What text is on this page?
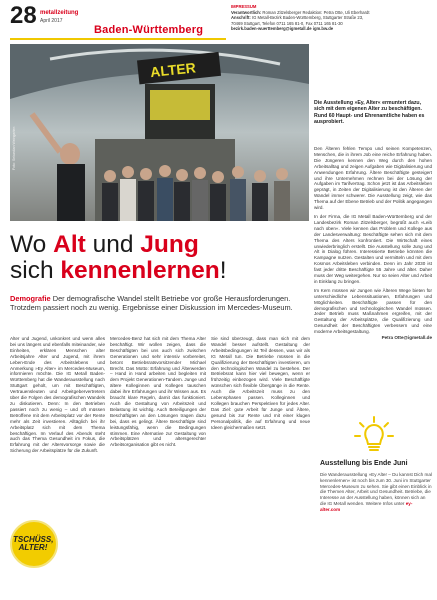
28 metallzeitung
April 2017
Baden-Württemberg
IMPRESSUM
Verantwortlich: Roman Zitzelsberger Redaktion: Petra Otte, Uli Eberhardt
Anschrift: IG Metall-Bezirk Baden-Württemberg, Stuttgarter Straße 23,
70469 Stuttgart, Telefon 0711 165 81-0, Fax 0711 165 81-30
bezirk.baden-wuerttemberg@igmetall.de igm.bw.de
ALTER
Foto: Sebastian Weingarten
Die Ausstellung »Ey, Alter« ermuntert dazu, sich mit dem eigenen Alter zu beschäftigen. Rund 60 Haupt- und Ehrenamtliche haben es ausprobiert.
Den Älteren fehlen Tempo und seinen Kompetenzen, Menschen, die in ihrem Job eine reiche Erfahrung haben. Die Jüngeren kennen den Weg durch den hohen Arbeitsalltag und zeigen Aufgaben wie Digitalisierung und Anwendungen Erfahrung. Ältere Beschäftigte gesteigert und ihre Unternehmen rechnen bei der Lösung der Aufgaben im Tarifvertrag. Schon jetzt ist das Arbeitsleben geprägt, in Zeiten der Digitalisierung ist den Älteren der Wandel immer schwerer. Die Ausstellung zeigt, wie das Thema auf der Ebene Betrieb und der Politik angegangen wird.
In der Firma, die IG Metall Baden-Württemberg und der Landesbezirk Roman Zitzelsberger, begrüßt auch »Leib nach oben«. Viele kennen das Problem und Kollege aus der Landesverwaltung: Beschäftigte sehen sich mit dem Thema des Alters konfrontiert. Die Wirtschaft eines unwiederbringlich erstellt. Die Ausstellung solle Jung und Alt in Dialog führen. Interessierte Betriebe könnten die Kampagne nutzen. Gestalten und vermitteln und mit dem Kosmos Arbeitsleben verbinden. Denn im Jahr 2030 ist fast jeder dritte Beschäftigte 55 Jahre und älter. Daher muss der Weg weitergehen. Nur so seien Alter und Arbeit in Einklang zu bringen.
Im Kern müssen wir Jungen wie Älteren Wege bieten für unterschiedliche Lebenssituationen, Erfahrungen und Möglichkeiten. Beschäftigte passen für den demografischen und technologischen Wandel müssen. Jeder Betrieb muss Maßnahmen ergreifen, mit der Gestaltung der Arbeitsplätze, die Qualifizierung und Gesundheit der Beschäftigten verbessern und eine moderne Arbeitsgestaltung.
Petra Otte@igmetall.de
Wo Alt und Jung
sich kennenlernen!
Demografie Der demografische Wandel stellt Betriebe vor große Herausforderungen. Trotzdem passiert noch zu wenig. Ergebnisse einer Diskussion im Mercedes-Museum.
Alter und Jugend, unkonkret und wenn alles bei uns längers und ebenfalls miteinander, wie Einheiten, erklären Menschen alter Arbeitsjahre Alter und Jugend, mit ihrem Leben-Ende des Arbeitslebens und Anmerkung »Ey Alter« im Mercedes-Museum, informieren möchte. Die IG Metall Baden-Württemberg hat die Wanderausstellung nach Stuttgart geholt, um mit Beschäftigten, Vertrauensleuten und Arbeitgebervertretern über die Folgen des demografischen Wandels zu diskutieren. Denn: In den Betrieben passiert noch zu wenig – und oft müssen Betroffene mit dem Arbeitsplatz vor der Rente mehr als Zeit investieren. Alltäglich bei ihr Arbeitsplatz sich mit dem Thema beschäftigen. Im Verlauf des Abends steht auch das Thema Gesundheit im Fokus, die Erfahrung mit der Altersvorsorge sowie die Sicherung der Arbeitsplätze für die Zukunft.
Mercedes-Benz hat sich mit dem Thema Alter beschäftigt. Wir wollen zeigen, dass die Beschäftigten bei uns auch sich zwischen Generationen und sehr intensiv vorbereitet, betont Betriebsratsvorsitzender Michael Brecht. Das Motto: Erfahrung und Älterwerden – Hand in Hand arbeiten und begleiten mit dem Projekt Generationen-Tandem. Junge und ältere Kolleginnen und Kollegen tauschen dabei ihre Erfahrungen und ihr Wissen aus. Es braucht klare Regeln, damit das funktioniert. Auch die Gestaltung von Arbeitszeit und Belastung ist wichtig. Auch Beteiligungen der Beschäftigten an den Lösungen tragen dazu bei, dass es gelingt. Ältere Beschäftigte sind leistungsfähig, wenn die Bedingungen stimmen. Eine Alternative zur Gestaltung von Arbeitsplätzen und altersgerechter Arbeitsorganisation gibt es nicht.
Sie sind überzeugt, dass man sich mit dem Wandel besser aufstellt. Gestaltung der Arbeitsbedingungen ist Teil dessen, was wir als IG Metall tun. Die Betriebe müssen in die Qualifizierung der Beschäftigten investieren, um den technologischen Wandel zu bestehen. Der Betriebsrat kann hier viel bewegen, wenn er frühzeitig einbezogen wird. Viele Beschäftigte wünschen sich flexible Übergänge in die Rente. Auch die Arbeitszeit muss zu den Lebensphasen passen. Kolleginnen und Kollegen brauchen Perspektiven für jedes Alter. Das Ziel: gute Arbeit für Junge und Ältere, gesund bis zur Rente und mit einer klugen Personalpolitik, die auf Erfahrung und neue Ideen gleichermaßen setzt.
TSCHÜSS, ALTER!
Ausstellung bis Ende Juni
Die Wanderausstellung »Ey Alter – Du kannst Dich mal kennenlernen« ist noch bis zum 30. Juni im Stuttgarter Mercedes-Museum zu sehen. Sie gibt einen Einblick in die Themen Alter, Arbeit und Gesundheit. Betriebe, die Interesse an der Ausstellung haben, können sich an die IG Metall wenden. Weitere Infos unter ey-alter.com
